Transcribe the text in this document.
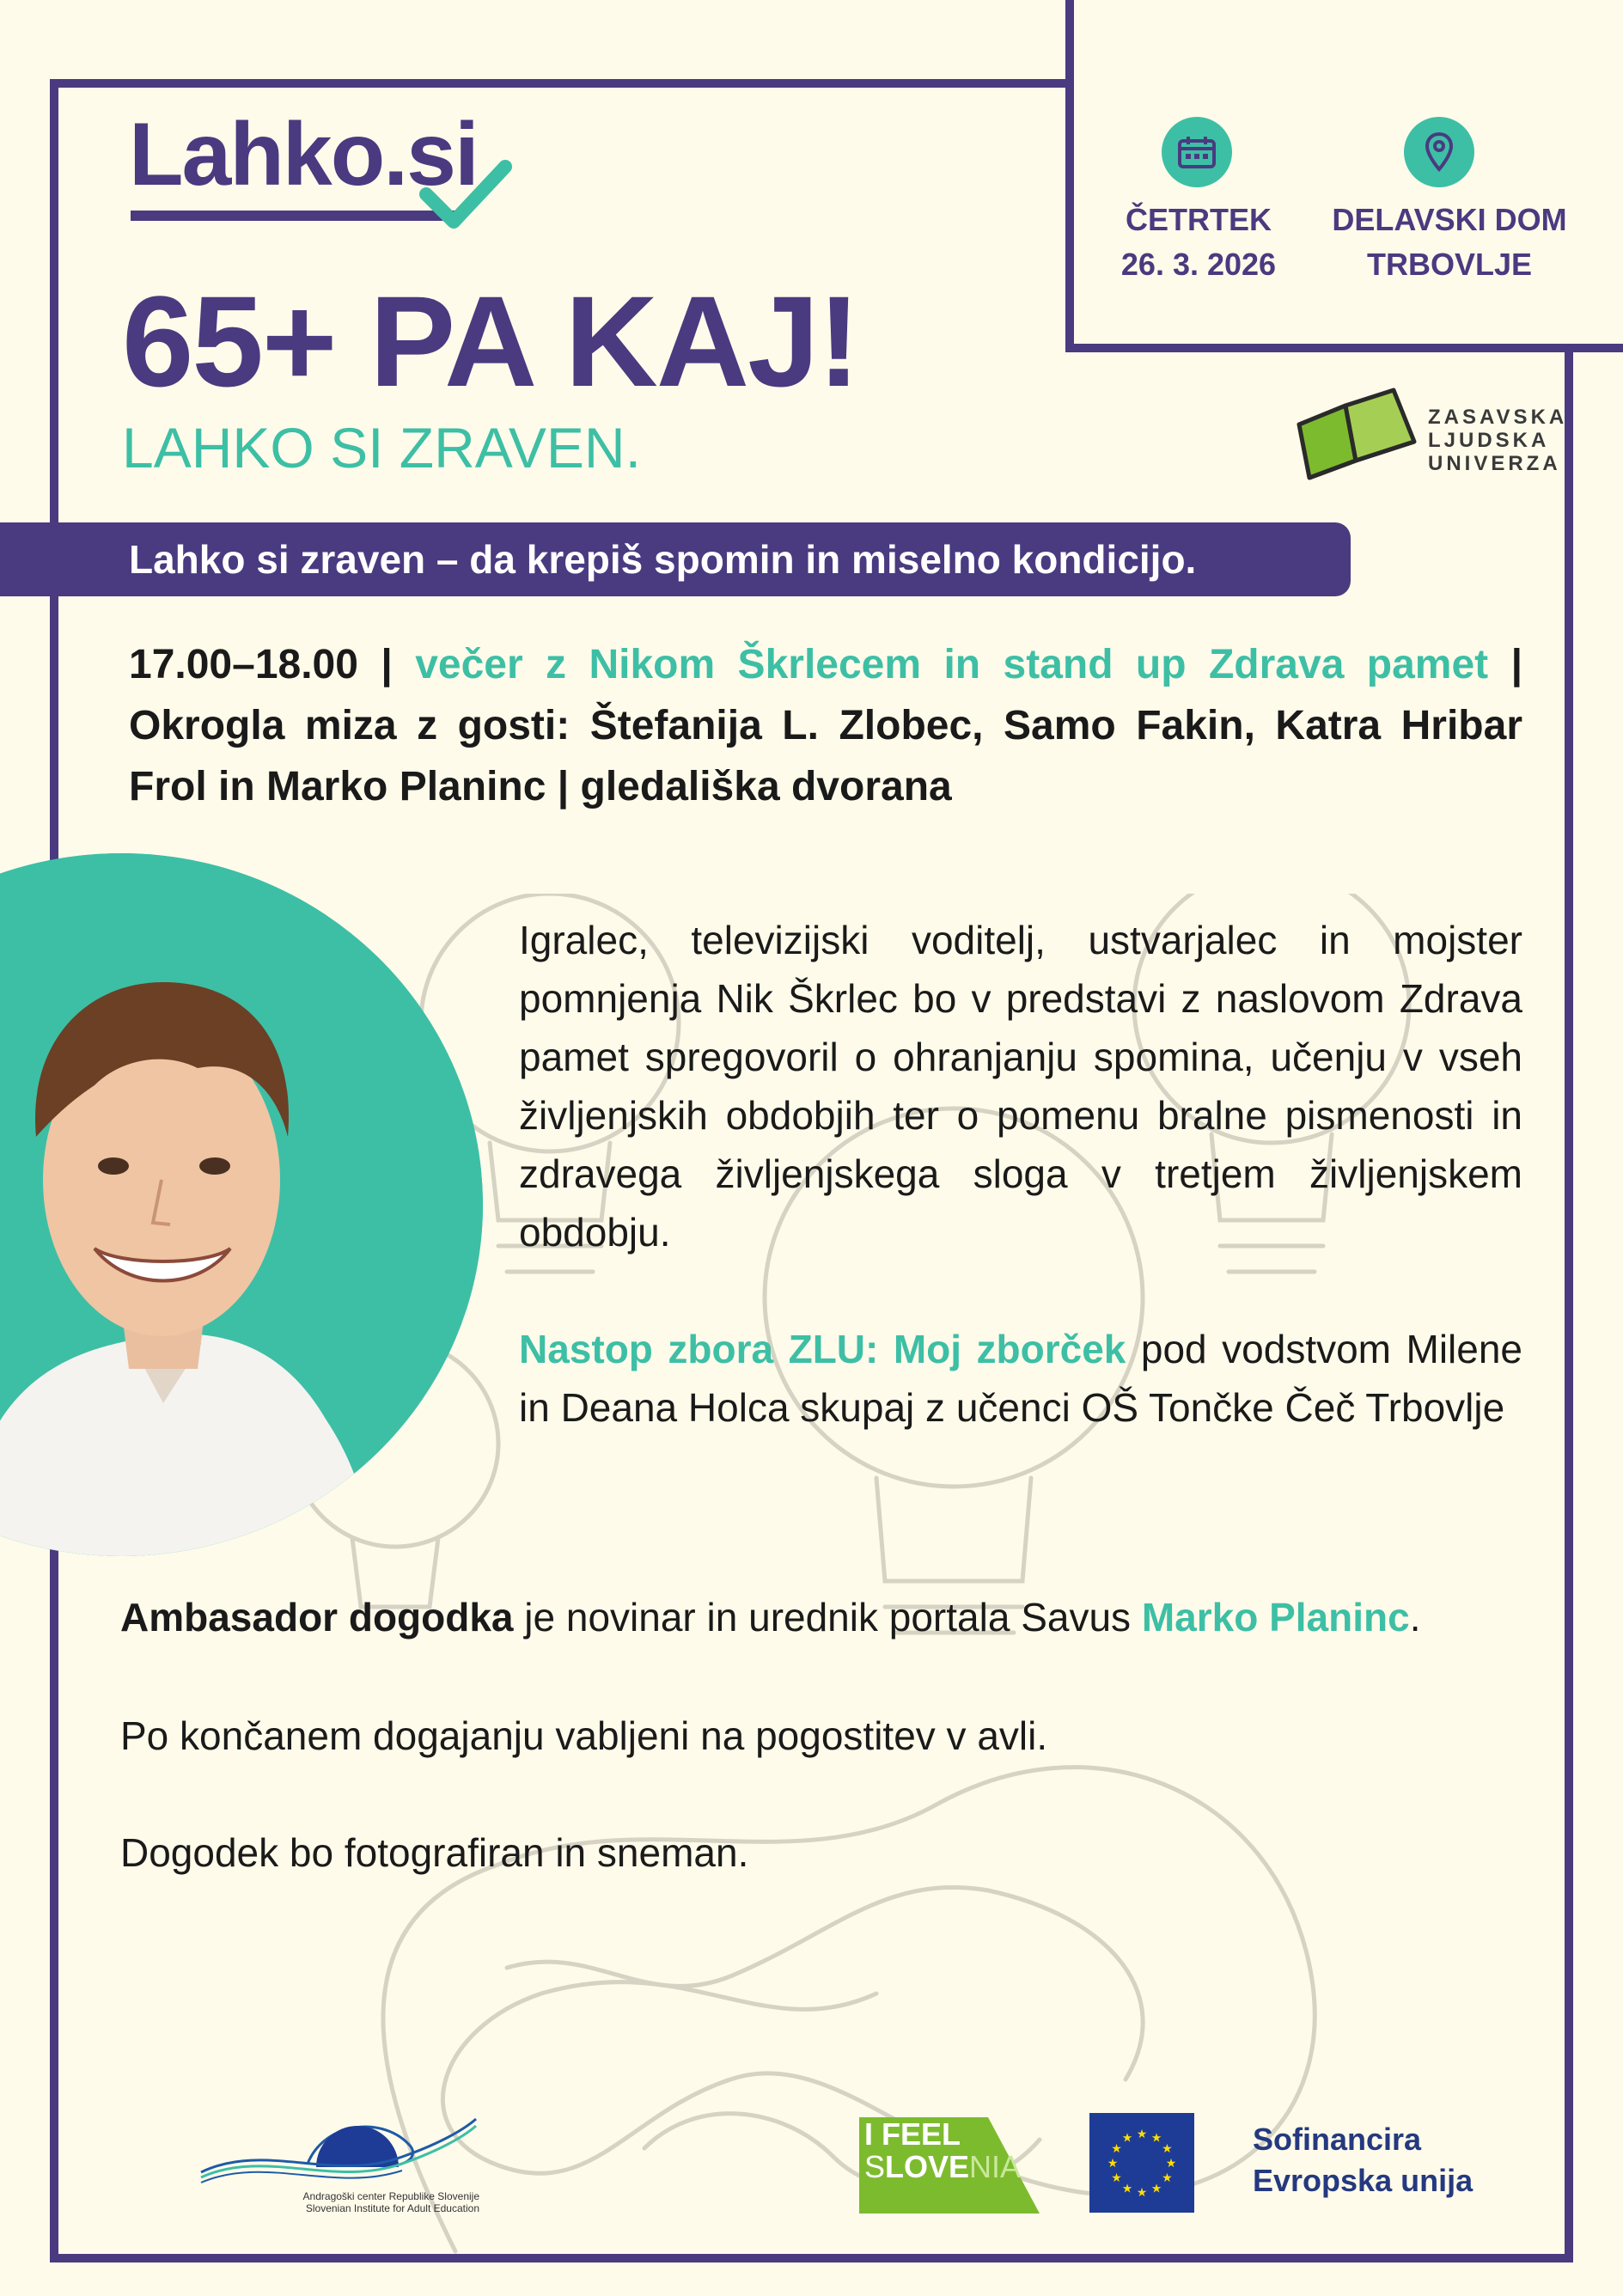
ČETRTEK
26. 3. 2026
DELAVSKI DOM
TRBOVLJE
Lahko.si
65+ PA KAJ!
LAHKO SI ZRAVEN.	ZASAVSKA
LJUDSKA
UNIVERZA
Lahko si zraven – da krepiš spomin in miselno kondicijo.
17.00–18.00 | večer z Nikom Škrlecem in stand up Zdrava pamet | Okrogla miza z gosti: Štefanija L. Zlobec, Samo Fakin, Katra Hribar Frol in Marko Planinc | gledališka dvorana
Igralec, televizijski voditelj, ustvarjalec in mojster pomnjenja Nik Škrlec bo v predstavi z naslovom Zdrava pamet spregovoril o ohranjanju spomina, učenju v vseh življenjskih obdobjih ter o pomenu bralne pismenosti in zdravega življenjskega sloga v tretjem življenjskem obdobju.
Nastop zbora ZLU: Moj zborček pod vodstvom Milene in Deana Holca skupaj z učenci OŠ Tončke Čeč Trbovlje
Ambasador dogodka je novinar in urednik portala Savus Marko Planinc.
Po končanem dogajanju vabljeni na pogostitev v avli.
Dogodek bo fotografiran in sneman.
Andragoški center Republike Slovenije
Slovenian Institute for Adult Education
I FEEL
SLOVENIA	★
★
★
★
★
★
★
★
★ ★ ★
★	Sofinancira
Evropska unija
